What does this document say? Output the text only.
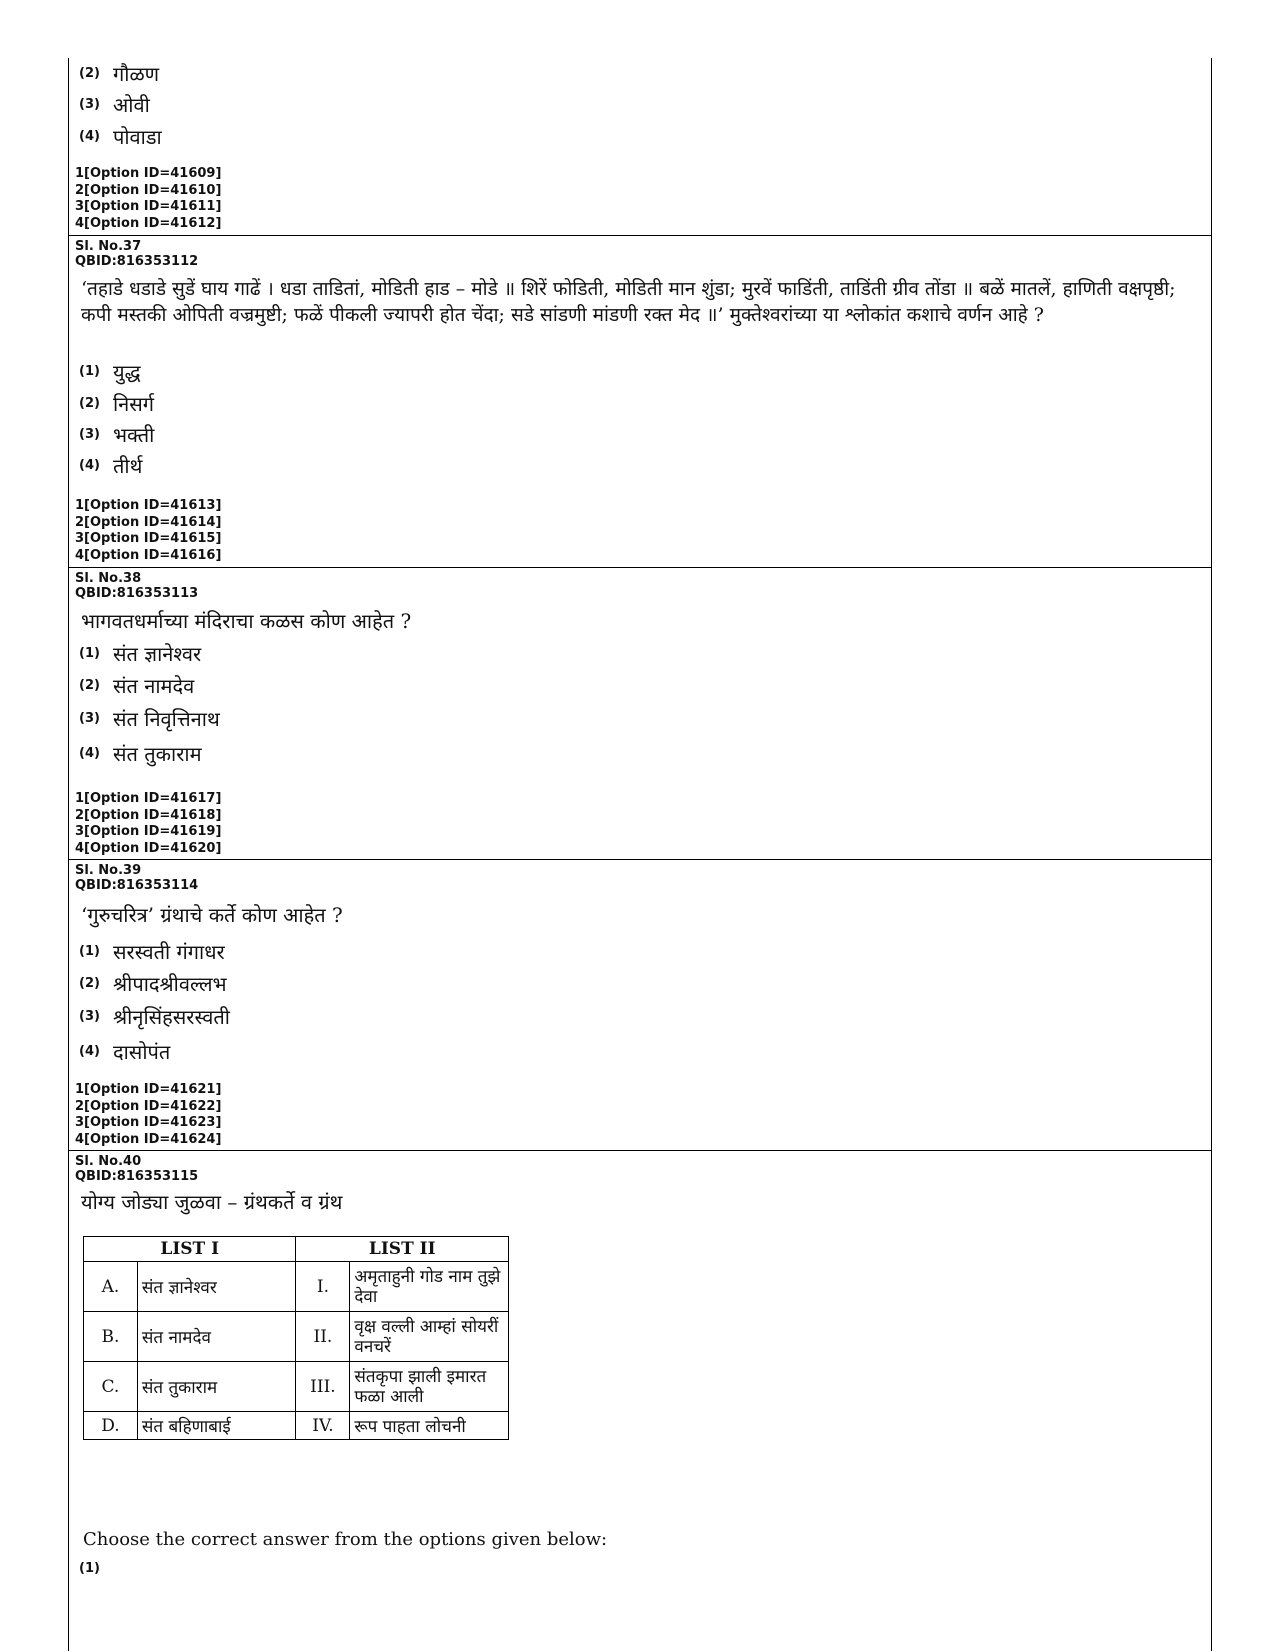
(2) गौळण
(3) ओवी
(4) पोवाडा
1[Option ID=41609]
2[Option ID=41610]
3[Option ID=41611]
4[Option ID=41612]
Sl. No.37
QBID:816353112

‘तहाडे धडाडे सुडें घाय गाढें । धडा ताडितां, मोडिती हाड – मोडे ॥ शिरें फोडिती, मोडिती मान शुंडा; मुरवें फाडिंती, ताडिंती ग्रीव तोंडा ॥ बळें मातलें, हाणिती वक्षपृष्ठी; कपी मस्तकी ओपिती वज्रमुष्टी; फळें पीकली ज्यापरी होत चेंदा; सडे सांडणी मांडणी रक्त मेद ॥’ मुक्तेश्वरांच्या या श्लोकांत कशाचे वर्णन आहे ?

(1) युद्ध
(2) निसर्ग
(3) भक्ती
(4) तीर्थ
1[Option ID=41613]
2[Option ID=41614]
3[Option ID=41615]
4[Option ID=41616]
Sl. No.38
QBID:816353113

भागवतधर्माच्या मंदिराचा कळस कोण आहेत ?

(1) संत ज्ञानेश्वर
(2) संत नामदेव
(3) संत निवृत्तिनाथ
(4) संत तुकाराम
1[Option ID=41617]
2[Option ID=41618]
3[Option ID=41619]
4[Option ID=41620]
Sl. No.39
QBID:816353114

‘गुरुचरित्र’ ग्रंथाचे कर्ते कोण आहेत ?

(1) सरस्वती गंगाधर
(2) श्रीपादश्रीवल्लभ
(3) श्रीनृसिंहसरस्वती
(4) दासोपंत
1[Option ID=41621]
2[Option ID=41622]
3[Option ID=41623]
4[Option ID=41624]
Sl. No.40
QBID:816353115

योग्य जोड्या जुळवा – ग्रंथकर्ते व ग्रंथ

LIST I		LIST II	
A.	संत ज्ञानेश्वर	I.	अमृताहुनी गोड नाम तुझे देवा
B.	संत नामदेव	II.	वृक्ष वल्ली आम्हां सोयरीं वनचरें
C.	संत तुकाराम	III.	संतकृपा झाली इमारत फळा आली
D.	संत बहिणाबाई	IV.	रूप पाहता लोचनी

Choose the correct answer from the options given below:

(1)
